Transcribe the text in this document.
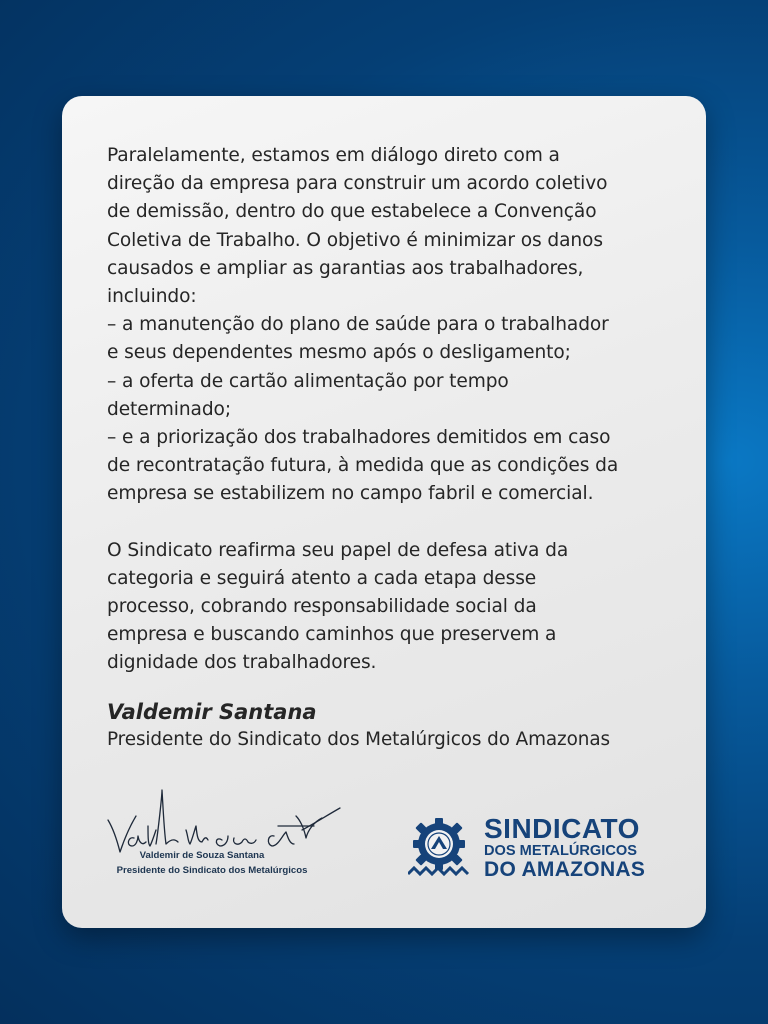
Paralelamente, estamos em diálogo direto com a
direção da empresa para construir um acordo coletivo
de demissão, dentro do que estabelece a Convenção
Coletiva de Trabalho. O objetivo é minimizar os danos
causados e ampliar as garantias aos trabalhadores,
incluindo:
– a manutenção do plano de saúde para o trabalhador
e seus dependentes mesmo após o desligamento;
– a oferta de cartão alimentação por tempo
determinado;
– e a priorização dos trabalhadores demitidos em caso
de recontratação futura, à medida que as condições da
empresa se estabilizem no campo fabril e comercial.

O Sindicato reafirma seu papel de defesa ativa da
categoria e seguirá atento a cada etapa desse
processo, cobrando responsabilidade social da
empresa e buscando caminhos que preservem a
dignidade dos trabalhadores.

Valdemir Santana
Presidente do Sindicato dos Metalúrgicos do Amazonas
Valdemir de Souza Santana
Presidente do Sindicato dos Metalúrgicos
SINDICATO
DOS METALÚRGICOS
DO AMAZONAS
